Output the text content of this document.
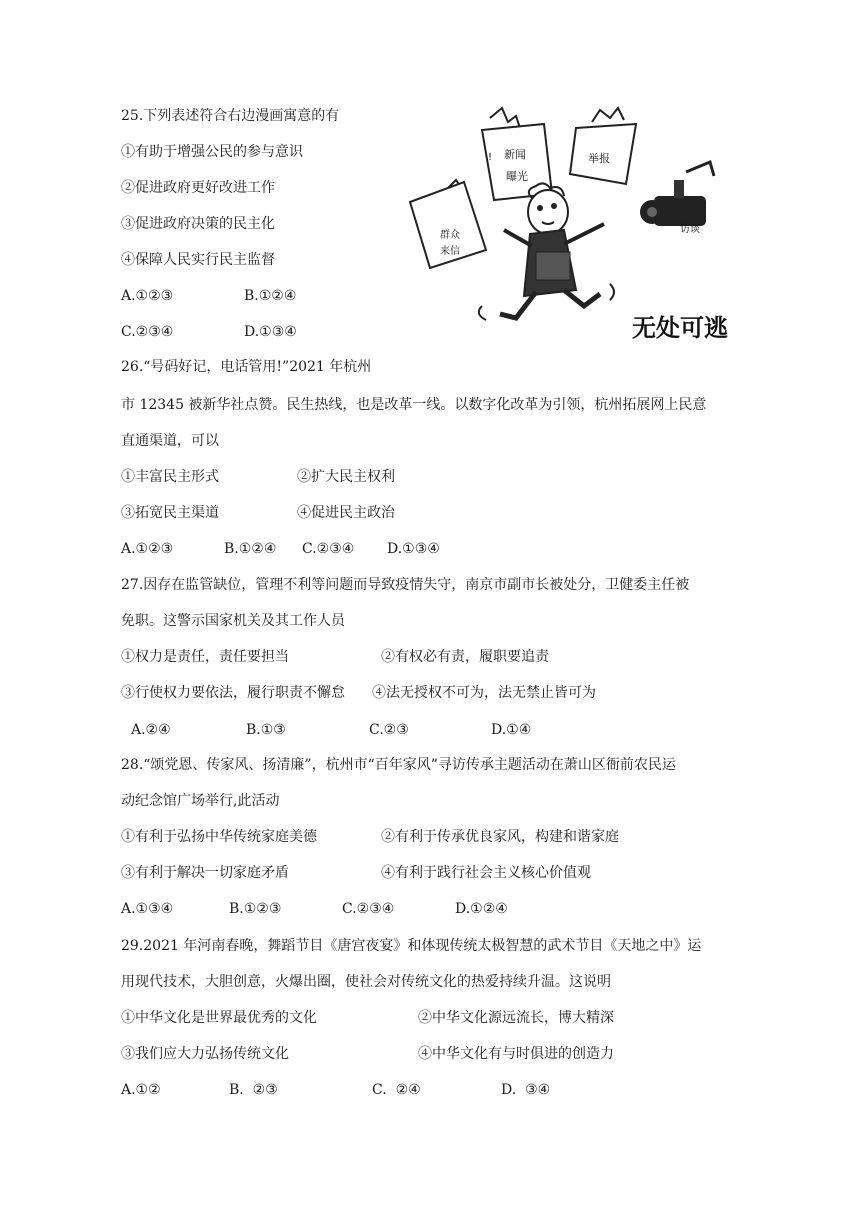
25.下列表述符合右边漫画寓意的有
①有助于增强公民的参与意识
②促进政府更好改进工作
③促进政府决策的民主化
④保障人民实行民主监督
A.①②③	B.①②④
C.②③④	D.①③④
新闻
曝光
!	举报
群众
来信
访谈
无处可逃
26.“号码好记，电话管用!”2021 年杭州
市 12345 被新华社点赞。民生热线，也是改革一线。以数字化改革为引领，杭州拓展网上民意
直通渠道，可以
①丰富民主形式	②扩大民主权利
③拓宽民主渠道	④促进民主政治
A.①②③	B.①②④ C.②③④ D.①③④
27.因存在监管缺位，管理不利等问题而导致疫情失守，南京市副市长被处分，卫健委主任被
免职。这警示国家机关及其工作人员
①权力是责任，责任要担当	②有权必有责，履职要追责
③行使权力要依法，履行职责不懈怠 ④法无授权不可为，法无禁止皆可为
A.②④	B.①③	C.②③	D.①④
28.“颂党恩、传家风、扬清廉”，杭州市“百年家风”寻访传承主题活动在萧山区衙前农民运
动纪念馆广场举行,此活动
①有利于弘扬中华传统家庭美德	②有利于传承优良家风，构建和谐家庭
③有利于解决一切家庭矛盾	④有利于践行社会主义核心价值观
A.①③④	B.①②③	C.②③④	D.①②④
29.2021 年河南春晚，舞蹈节目《唐宫夜宴》和体现传统太极智慧的武术节目《天地之中》运
用现代技术，大胆创意，火爆出圈，使社会对传统文化的热爱持续升温。这说明
①中华文化是世界最优秀的文化	②中华文化源远流长，博大精深
③我们应大力弘扬传统文化	④中华文化有与时俱进的创造力
A.①②	B.  ②③	C.  ②④	D.  ③④
